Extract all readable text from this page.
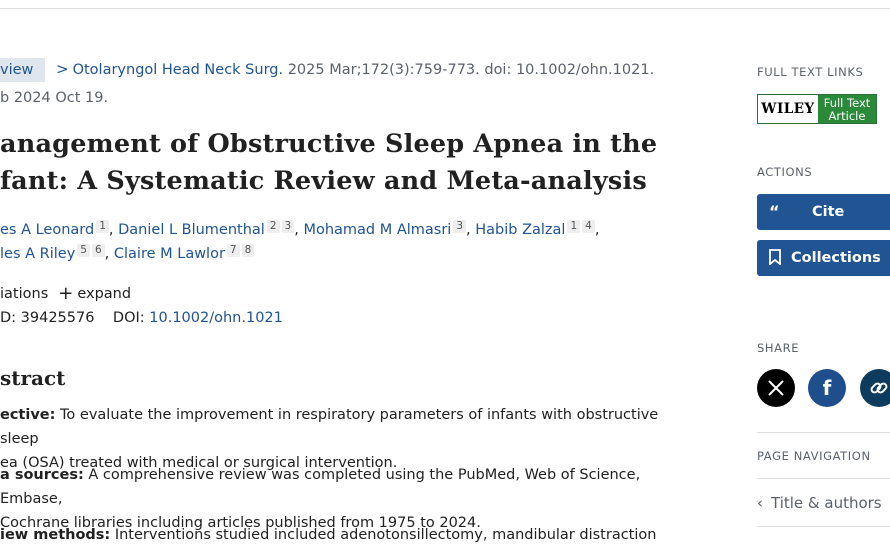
view	> Otolaryngol Head Neck Surg. 2025 Mar;172(3):759-773. doi: 10.1002/ohn.1021.
b 2024 Oct 19.
anagement of Obstructive Sleep Apnea in the fant: A Systematic Review and Meta-analysis
es A Leonard 1 , Daniel L Blumenthal 2 3 , Mohamad M Almasri 3 , Habib Zalzal 1 4 ,
les A Riley 5 6 , Claire M Lawlor 7 8
iations + expand
D: 39425576 DOI: 10.1002/ohn.1021
stract

ective: To evaluate the improvement in respiratory parameters of infants with obstructive sleep
ea (OSA) treated with medical or surgical intervention.

a sources: A comprehensive review was completed using the PubMed, Web of Science, Embase,
Cochrane libraries including articles published from 1975 to 2024.

iew methods: Interventions studied included adenotonsillectomy, mandibular distraction

FULL TEXT LINKS
WILEY Full Text
Article
ACTIONS
“ Cite
Collections
SHARE
f
PAGE NAVIGATION
‹ Title & authors
